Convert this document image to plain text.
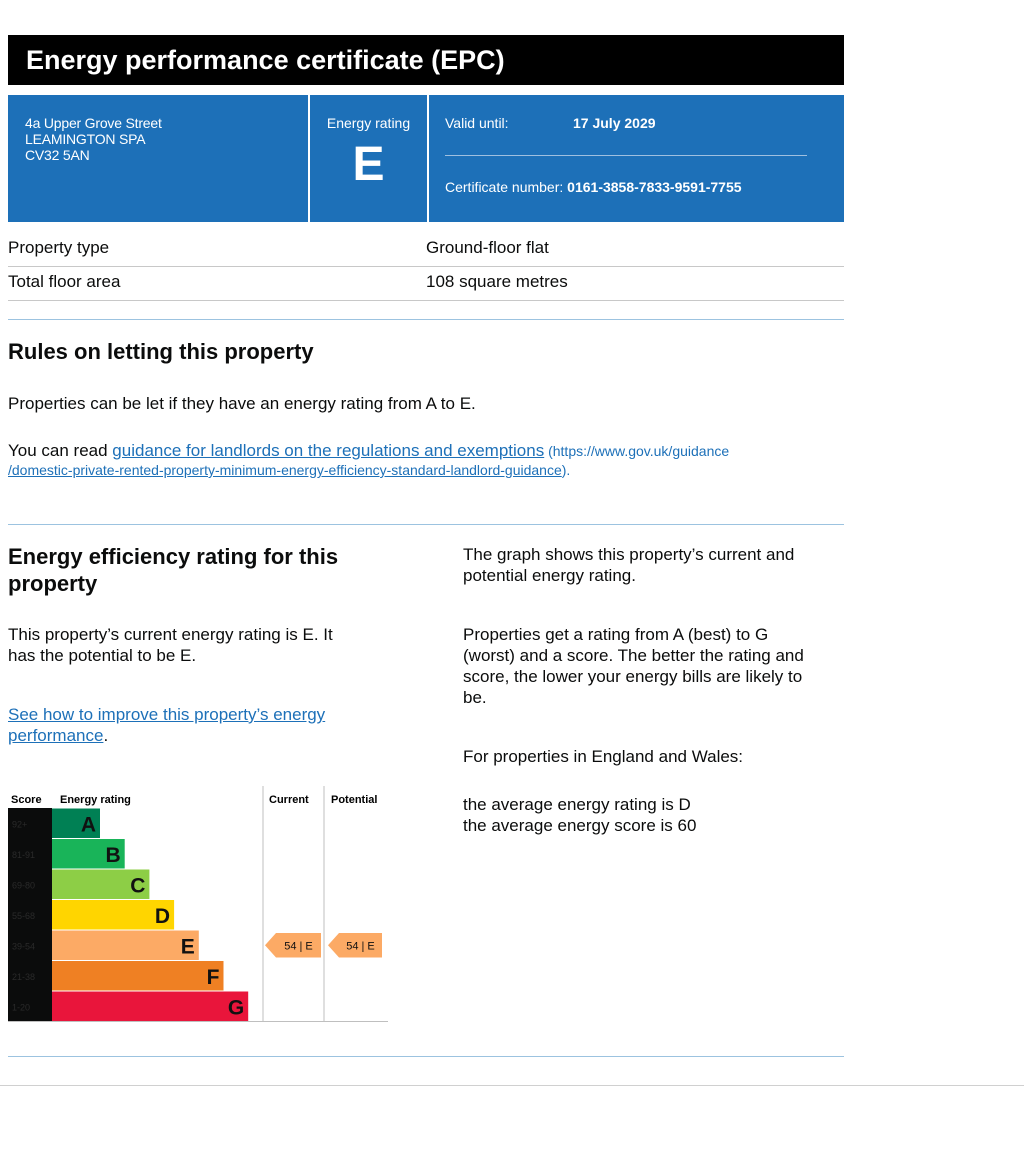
Energy performance certificate (EPC)
4a Upper Grove Street
LEAMINGTON SPA
CV32 5AN
Energy rating
E
Valid until:	17 July 2029
Certificate number: 0161-3858-7833-9591-7755
Property type	Ground-floor flat
Total floor area	108 square metres
Rules on letting this property

Properties can be let if they have an energy rating from A to E.

You can read guidance for landlords on the regulations and exemptions (https://www.gov.uk/guidance

/domestic-private-rented-property-minimum-energy-efficiency-standard-landlord-guidance).

Energy efficiency rating for this
property

This property’s current energy rating is E. It
has the potential to be E.

See how to improve this property’s energy
performance.

The graph shows this property’s current and
potential energy rating.

Properties get a rating from A (best) to G
(worst) and a score. The better the rating and
score, the lower your energy bills are likely to
be.

For properties in England and Wales:

the average energy rating is D
the average energy score is 60

Score Energy rating	Current Potential
92+	A
81-91	B
69-80	C
55-68	D
39-54	E
21-38	F
1-20	G
54 | E	54 | E
